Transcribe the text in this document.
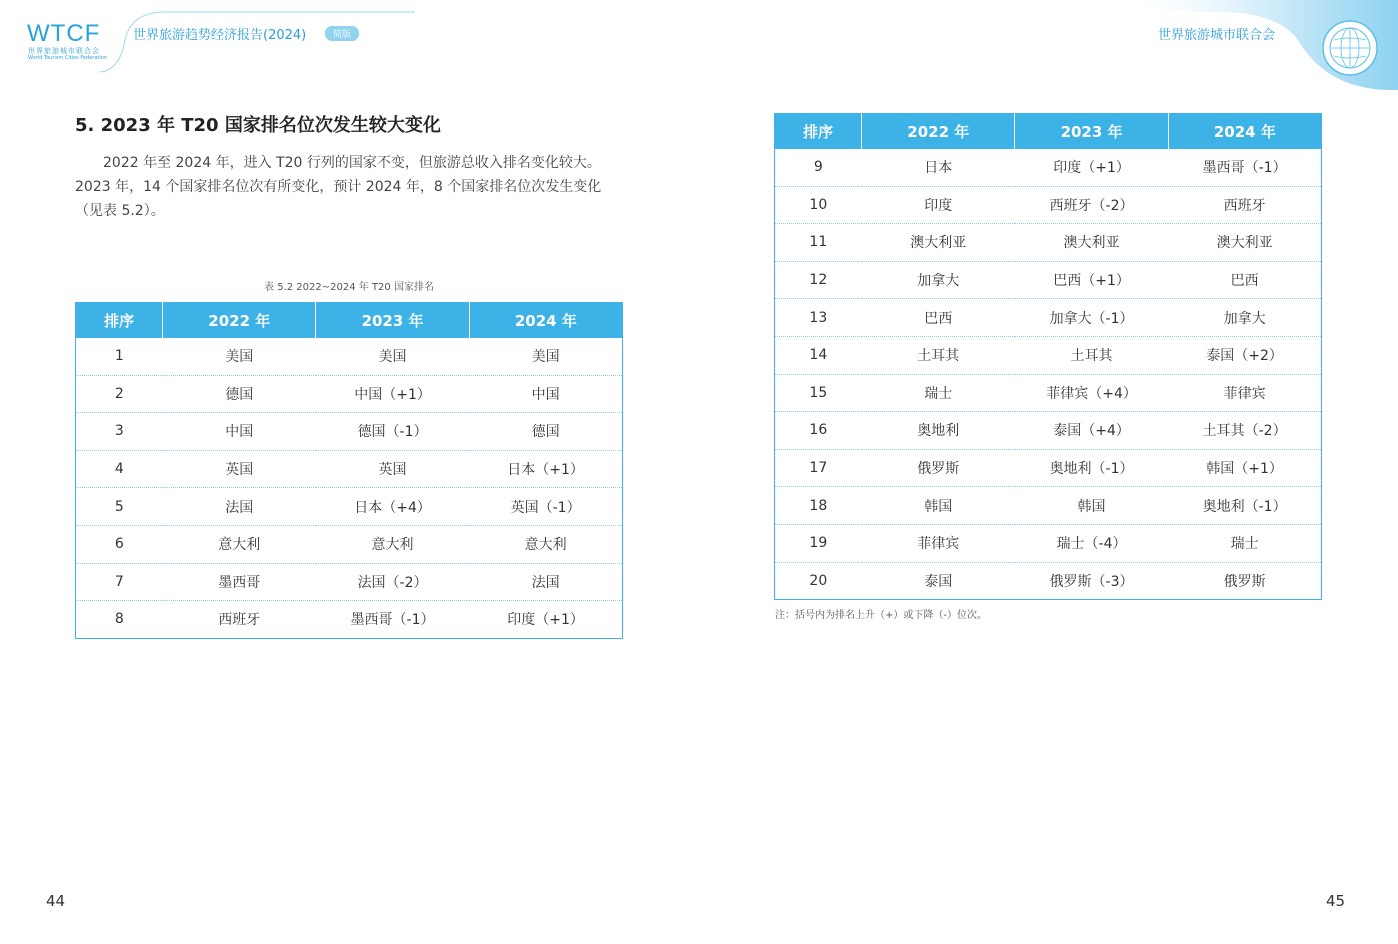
WTCF
世界旅游城市联合会
World Tourism Cities Federation
世界旅游趋势经济报告(2024)	简版	世界旅游城市联合会
5. 2023 年 T20 国家排名位次发生较大变化
2022 年至 2024 年，进入 T20 行列的国家不变，但旅游总收入排名变化较大。2023 年，14 个国家排名位次有所变化，预计 2024 年，8 个国家排名位次发生变化（见表 5.2）。
表 5.2 2022~2024 年 T20 国家排名
排序	2022 年	2023 年	2024 年
1	美国	美国	美国
2	德国	中国（+1）	中国
3	中国	德国（-1）	德国
4	英国	英国	日本（+1）
5	法国	日本（+4）	英国（-1）
6	意大利	意大利	意大利
7	墨西哥	法国（-2）	法国
8	西班牙	墨西哥（-1）	印度（+1）
44
排序	2022 年	2023 年	2024 年
9	日本	印度（+1）	墨西哥（-1）
10	印度	西班牙（-2）	西班牙
11	澳大利亚	澳大利亚	澳大利亚
12	加拿大	巴西（+1）	巴西
13	巴西	加拿大（-1）	加拿大
14	土耳其	土耳其	泰国（+2）
15	瑞士	菲律宾（+4）	菲律宾
16	奥地利	泰国（+4）	土耳其（-2）
17	俄罗斯	奥地利（-1）	韩国（+1）
18	韩国	韩国	奥地利（-1）
19	菲律宾	瑞士（-4）	瑞士
20	泰国	俄罗斯（-3）	俄罗斯
注：括号内为排名上升（+）或下降（-）位次。
45
